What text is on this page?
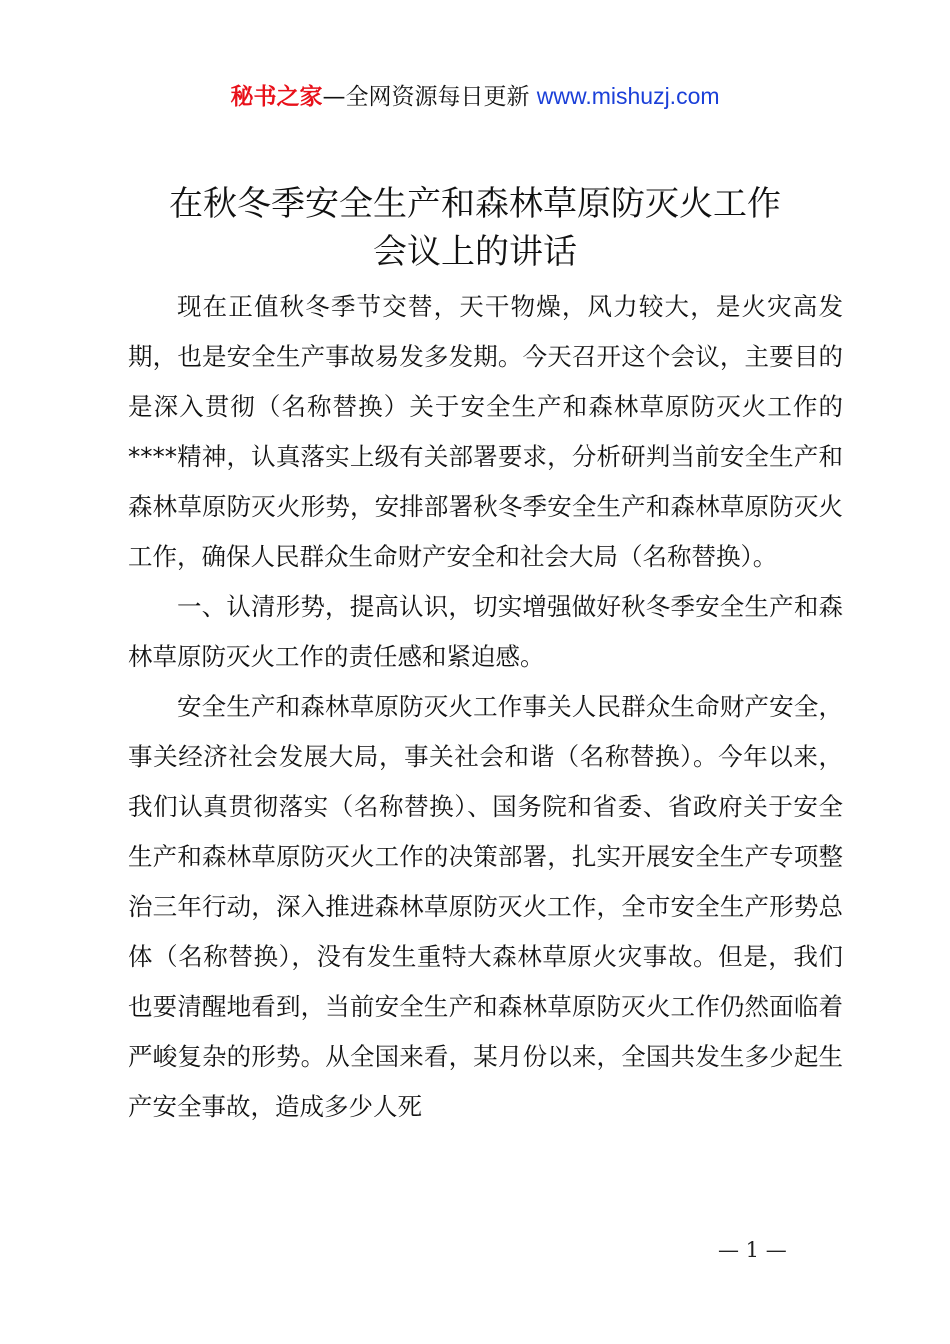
秘书之家—全网资源每日更新 www.mishuzj.com
在秋冬季安全生产和森林草原防灭火工作
会议上的讲话

现在正值秋冬季节交替，天干物燥，风力较大，是火灾高发期，也是安全生产事故易发多发期。今天召开这个会议，主要目的是深入贯彻（名称替换）关于安全生产和森林草原防灭火工作的****精神，认真落实上级有关部署要求，分析研判当前安全生产和森林草原防灭火形势，安排部署秋冬季安全生产和森林草原防灭火工作，确保人民群众生命财产安全和社会大局（名称替换）。

一、认清形势，提高认识，切实增强做好秋冬季安全生产和森林草原防灭火工作的责任感和紧迫感。

安全生产和森林草原防灭火工作事关人民群众生命财产安全，事关经济社会发展大局，事关社会和谐（名称替换）。今年以来，我们认真贯彻落实（名称替换）、国务院和省委、省政府关于安全生产和森林草原防灭火工作的决策部署，扎实开展安全生产专项整治三年行动，深入推进森林草原防灭火工作，全市安全生产形势总体（名称替换），没有发生重特大森林草原火灾事故。但是，我们也要清醒地看到，当前安全生产和森林草原防灭火工作仍然面临着严峻复杂的形势。从全国来看，某月份以来，全国共发生多少起生产安全事故，造成多少人死

— 1 —
